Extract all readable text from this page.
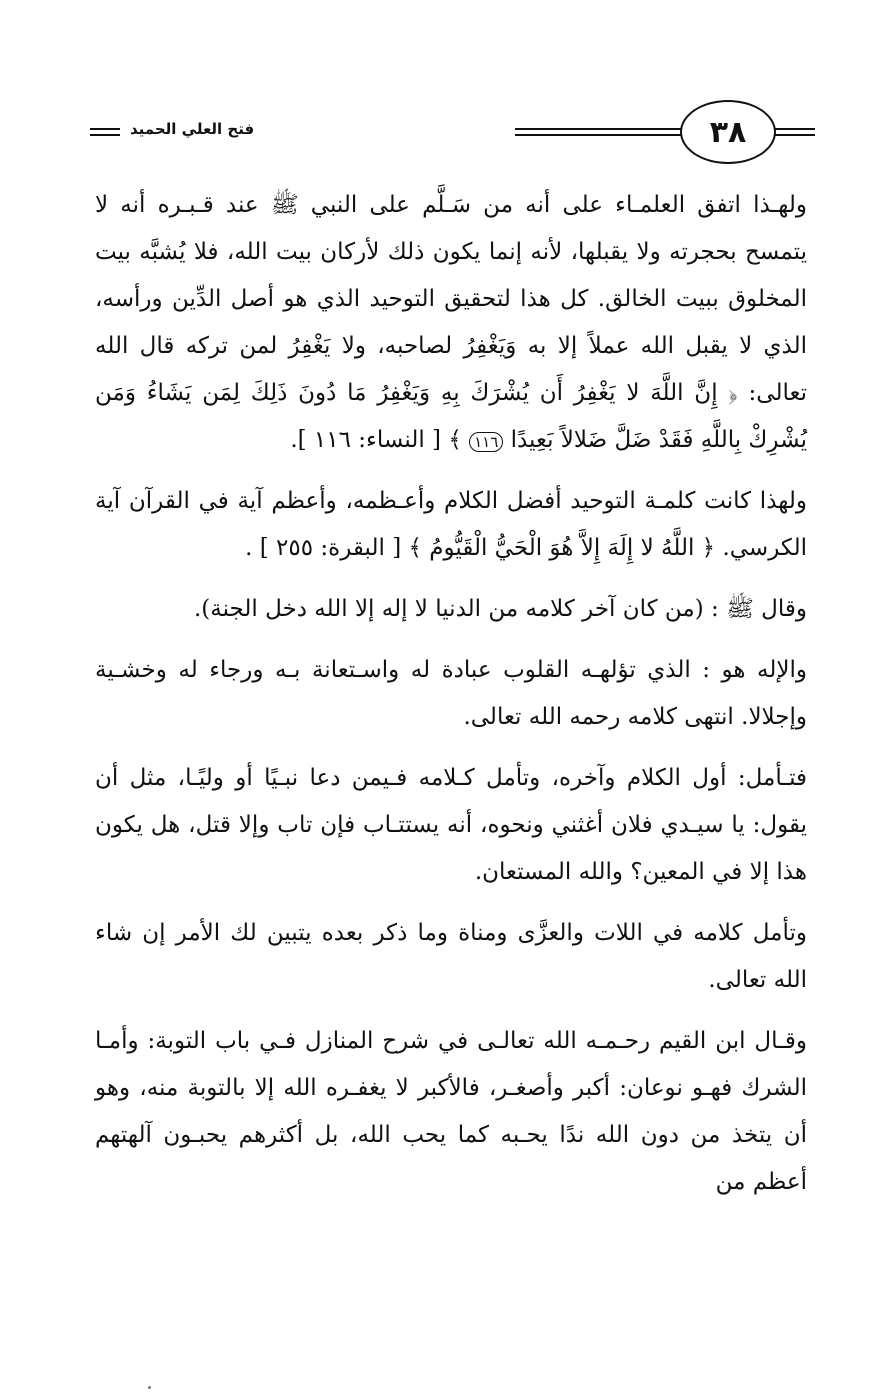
فتح العلي الحميد	٣٨

ولهـذا اتفق العلمـاء على أنه من سَـلَّم على النبي ﷺ عند قـبـره أنه لا يتمسح بحجرته ولا يقبلها، لأنه إنما يكون ذلك لأركان بيت الله، فلا يُشبَّه بيت المخلوق ببيت الخالق. كل هذا لتحقيق التوحيد الذي هو أصل الدِّين ورأسه، الذي لا يقبل الله عملاً إلا به وَيَغْفِرُ لصاحبه، ولا يَغْفِرُ لمن تركه قال الله تعالى: ﴿ إِنَّ اللَّهَ لا يَغْفِرُ أَن يُشْرَكَ بِهِ وَيَغْفِرُ مَا دُونَ ذَلِكَ لِمَن يَشَاءُ وَمَن يُشْرِكْ بِاللَّهِ فَقَدْ ضَلَّ ضَلالاً بَعِيدًا ١١٦ ﴾ [ النساء: ١١٦ ].

ولهذا كانت كلمـة التوحيد أفضل الكلام وأعـظمه، وأعظم آية في القرآن آية الكرسي. ﴿ اللَّهُ لا إِلَهَ إِلاَّ هُوَ الْحَيُّ الْقَيُّومُ ﴾ [ البقرة: ٢٥٥ ] .

وقال ﷺ : (من كان آخر كلامه من الدنيا لا إله إلا الله دخل الجنة).

والإله هو : الذي تؤلهـه القلوب عبادة له واسـتعانة بـه ورجاء له وخشـية وإجلالا. انتهى كلامه رحمه الله تعالى.

فتـأمل: أول الكلام وآخره، وتأمل كـلامه فـيمن دعا نبـيًا أو وليًـا، مثل أن يقول: يا سيـدي فلان أغثني ونحوه، أنه يستتـاب فإن تاب وإلا قتل، هل يكون هذا إلا في المعين؟ والله المستعان.

وتأمل كلامه في اللات والعزَّى ومناة وما ذكر بعده يتبين لك الأمر إن شاء الله تعالى.

وقـال ابن القيم رحـمـه الله تعالـى في شرح المنازل فـي باب التوبة: وأمـا الشرك فهـو نوعان: أكبر وأصغـر، فالأكبر لا يغفـره الله إلا بالتوبة منه، وهو أن يتخذ من دون الله ندًا يحـبه كما يحب الله، بل أكثرهم يحبـون آلهتهم أعظم من
